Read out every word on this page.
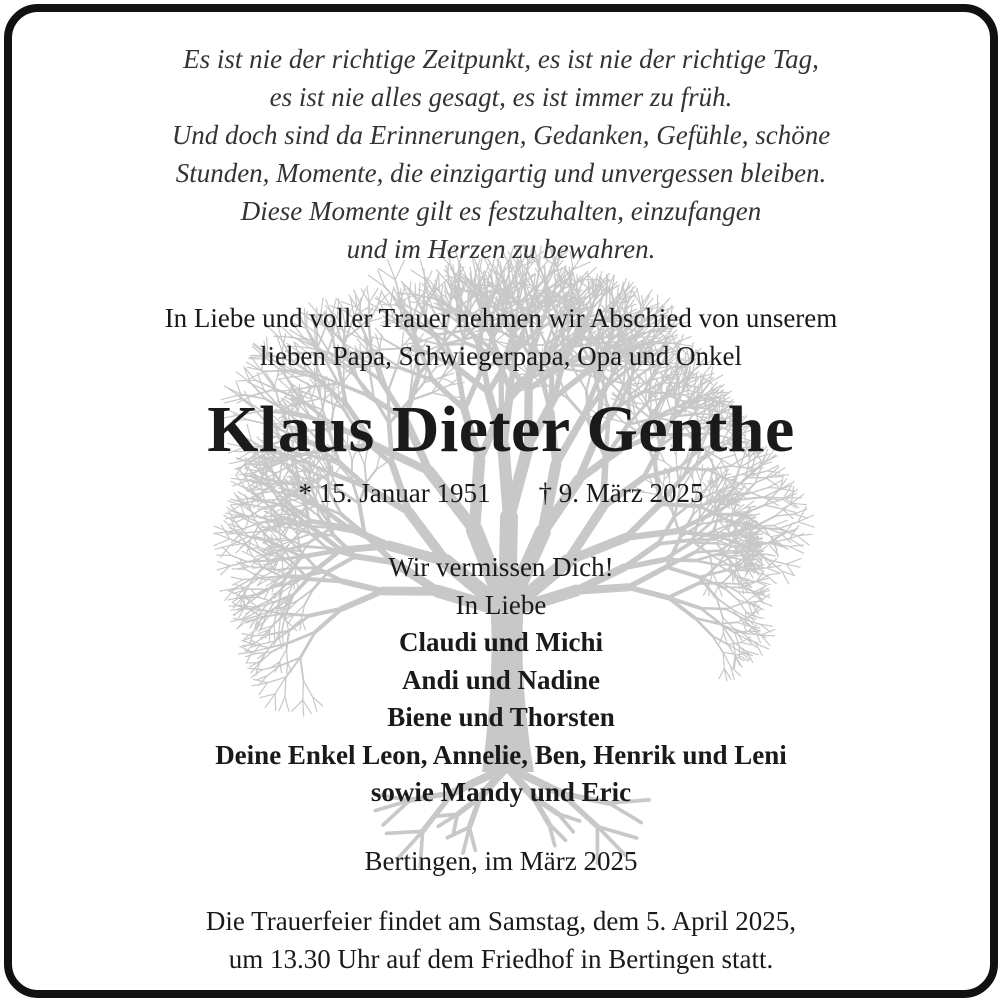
Es ist nie der richtige Zeitpunkt, es ist nie der richtige Tag,
es ist nie alles gesagt, es ist immer zu früh.
Und doch sind da Erinnerungen, Gedanken, Gefühle, schöne
Stunden, Momente, die einzigartig und unvergessen bleiben.
Diese Momente gilt es festzuhalten, einzufangen
und im Herzen zu bewahren.
In Liebe und voller Trauer nehmen wir Abschied von unserem
lieben Papa, Schwiegerpapa, Opa und Onkel
Klaus Dieter Genthe
* 15. Januar 1951 † 9. März 2025
Wir vermissen Dich!
In Liebe
Claudi und Michi
Andi und Nadine
Biene und Thorsten
Deine Enkel Leon, Annelie, Ben, Henrik und Leni
sowie Mandy und Eric
Bertingen, im März 2025
Die Trauerfeier findet am Samstag, dem 5. April 2025,
um 13.30 Uhr auf dem Friedhof in Bertingen statt.
